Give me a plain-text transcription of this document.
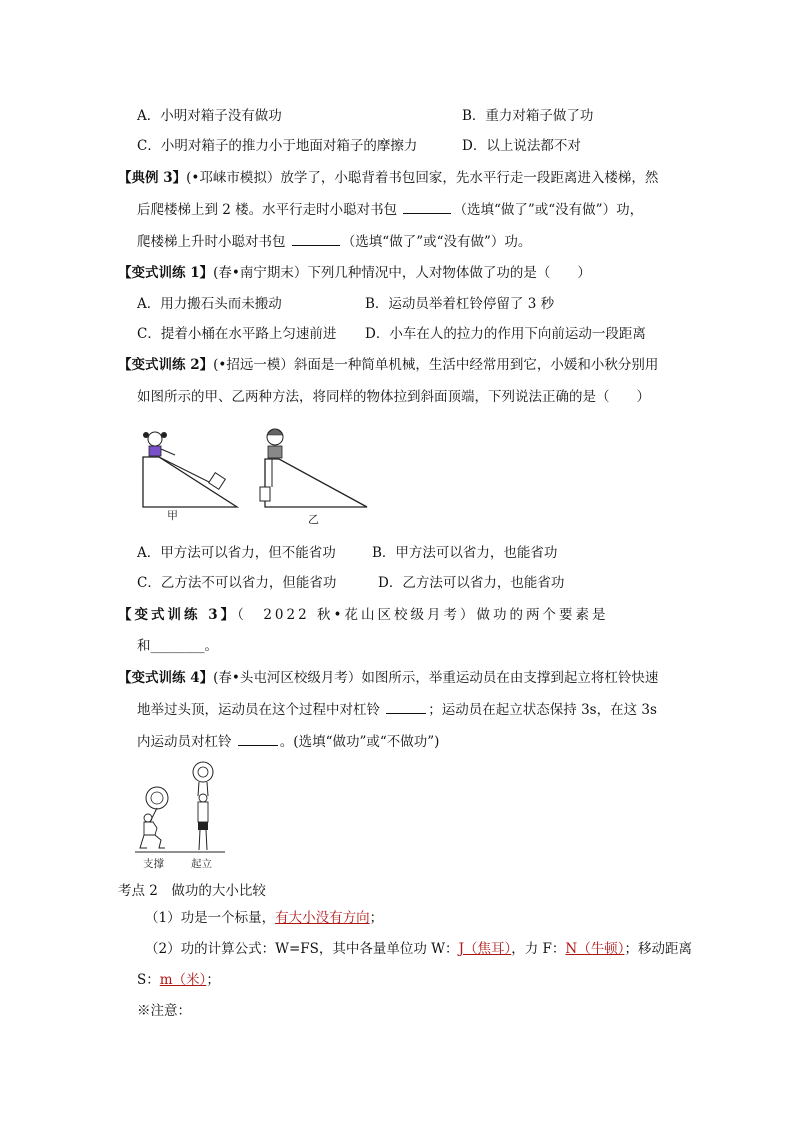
A．小明对箱子没有做功	B．重力对箱子做了功
C．小明对箱子的推力小于地面对箱子的摩擦力	D．以上说法都不对
【典例 3】(•邛崃市模拟）放学了，小聪背着书包回家，先水平行走一段距离进入楼梯，然
后爬楼梯上到 2 楼。水平行走时小聪对书包	（选填“做了”或“没有做”）功，
爬楼梯上升时小聪对书包	（选填“做了”或“没有做”）功。
【变式训练 1】(春•南宁期末）下列几种情况中，人对物体做了功的是（　　）
A．用力搬石头而未搬动	B．运动员举着杠铃停留了 3 秒
C．提着小桶在水平路上匀速前进 D．小车在人的拉力的作用下向前运动一段距离
【变式训练 2】(•招远一模）斜面是一种简单机械，生活中经常用到它，小媛和小秋分别用
如图所示的甲、乙两种方法，将同样的物体拉到斜面顶端，下列说法正确的是（　　）
甲	乙
A．甲方法可以省力，但不能省功	B．甲方法可以省力，也能省功
C．乙方法不可以省力，但能省功	D．乙方法可以省力，也能省功
【变式训练 3】（　2022 秋•花山区校级月考）做功的两个要素是
和________。
【变式训练 4】(春•头屯河区校级月考）如图所示，举重运动员在由支撑到起立将杠铃快速
地举过头顶，运动员在这个过程中对杠铃	；运动员在起立状态保持 3s，在这 3s
内运动员对杠铃	。(选填“做功”或“不做功”)
支撑	起立
考点 2　做功的大小比较
（1）功是一个标量，有大小没有方向；
（2）功的计算公式：W=FS，其中各量单位功 W：J（焦耳），力 F：N（牛顿）；移动距离
S：m（米）；
※注意：
